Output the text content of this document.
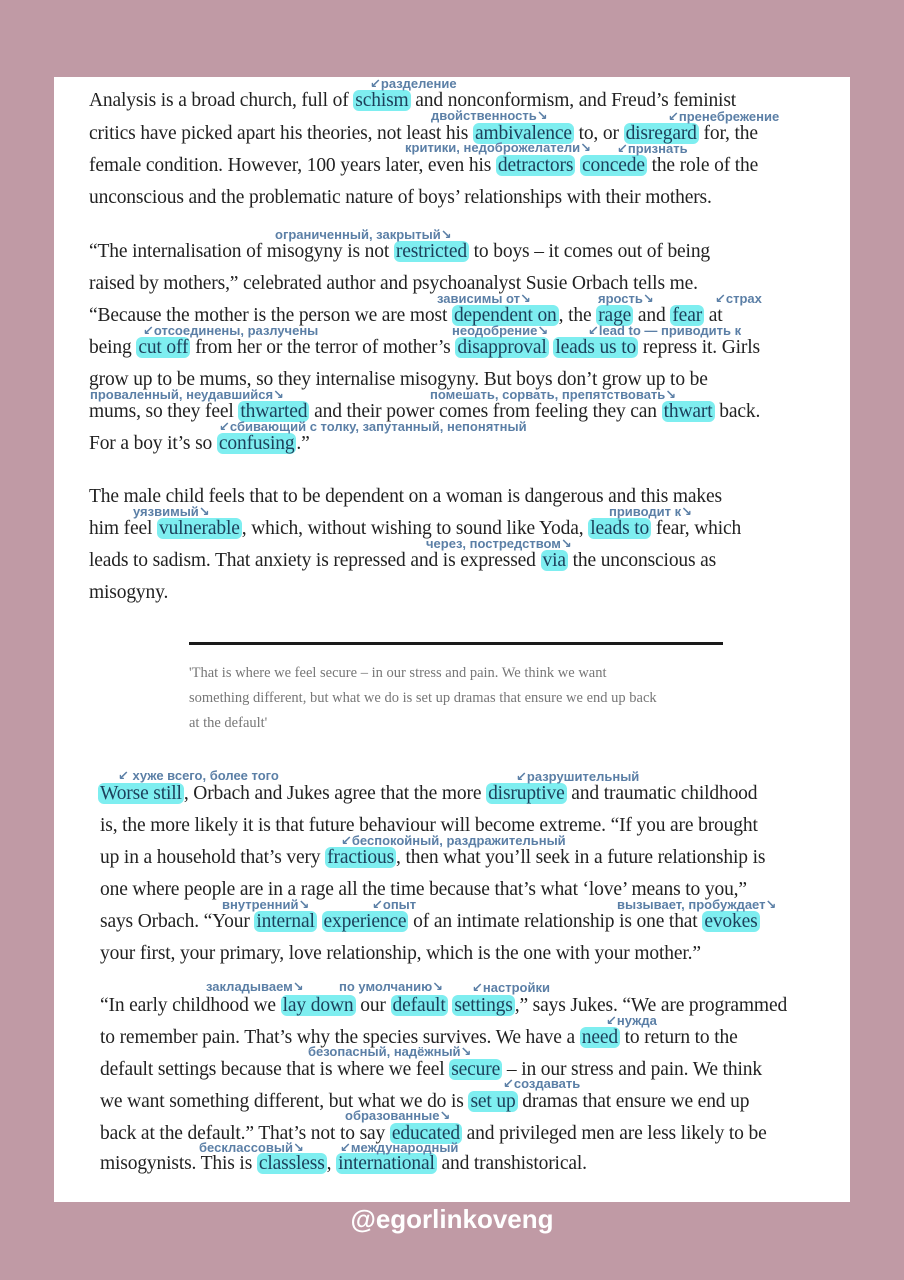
Analysis is a broad church, full of schism and nonconformism, and Freud’s feminist
critics have picked apart his theories, not least his ambivalence to, or disregard for, the
female condition. However, 100 years later, even his detractors concede the role of the
unconscious and the problematic nature of boys’ relationships with their mothers.
↙разделение
двойственность↘	↙пренебрежение
критики, недоброжелатели↘ ↙признать
“The internalisation of misogyny is not restricted to boys – it comes out of being
raised by mothers,” celebrated author and psychoanalyst Susie Orbach tells me.
“Because the mother is the person we are most dependent on , the rage and fear at
being cut off from her or the terror of mother’s disapproval leads us to repress it. Girls
grow up to be mums, so they internalise misogyny. But boys don’t grow up to be
mums, so they feel thwarted and their power comes from feeling they can thwart back.
For a boy it’s so confusing .”
ограниченный, закрытый↘
зависимы от↘	ярость↘	↙страх
↙отсоединены, разлучены	неодобрение↘	↙lead to — приводить к
проваленный, неудавшийся↘	помешать, сорвать, препятствовать↘
↙сбивающий с толку, запутанный, непонятный
The male child feels that to be dependent on a woman is dangerous and this makes
him feel vulnerable , which, without wishing to sound like Yoda, leads to fear, which
leads to sadism. That anxiety is repressed and is expressed via the unconscious as
misogyny.
уязвимый↘	приводит к↘
через, постредством↘
'That is where we feel secure – in our stress and pain. We think we want
something different, but what we do is set up dramas that ensure we end up back
at the default'
Worse still , Orbach and Jukes agree that the more disruptive and traumatic childhood
is, the more likely it is that future behaviour will become extreme. “If you are brought
up in a household that’s very fractious , then what you’ll seek in a future relationship is
one where people are in a rage all the time because that’s what ‘love’ means to you,”
says Orbach. “Your internal experience of an intimate relationship is one that evokes
your first, your primary, love relationship, which is the one with your mother.”
↙ хуже всего, более того	↙разрушительный
↙беспокойный, раздражительный
внутренний↘	↙опыт	вызывает, пробуждает↘
“In early childhood we lay down our default settings ,” says Jukes. “We are programmed
to remember pain. That’s why the species survives. We have a need to return to the
default settings because that is where we feel secure – in our stress and pain. We think
we want something different, but what we do is set up dramas that ensure we end up
back at the default.” That’s not to say educated and privileged men are less likely to be
misogynists. This is classless , international and transhistorical.
закладываем↘	по умолчанию↘ ↙настройки
↙нужда
безопасный, надёжный↘
↙создавать
образованные↘
бесклассовый↘	↙международный
@egorlinkoveng
